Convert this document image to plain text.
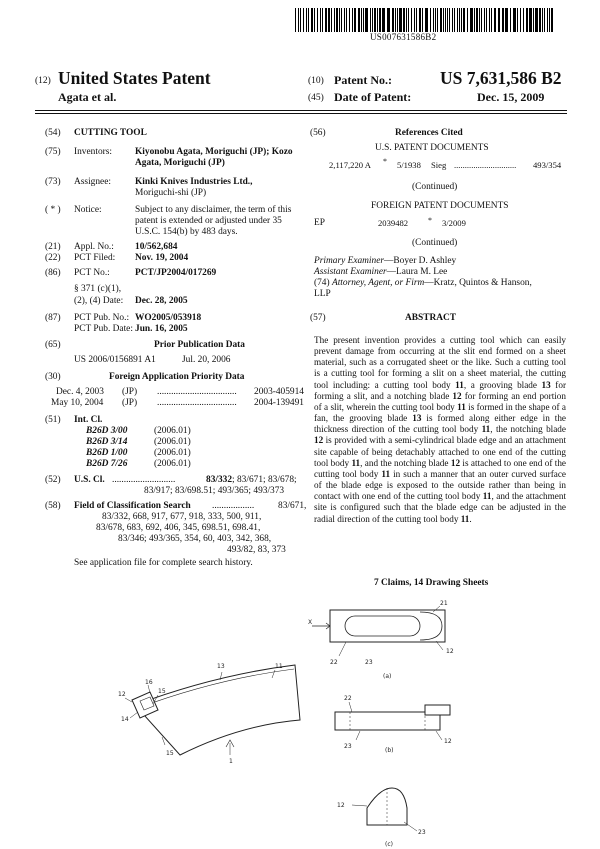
US007631586B2
(12) United States Patent
Agata et al.
(10) Patent No.:	US 7,631,586 B2
(45) Date of Patent:	Dec. 15, 2009
(54) CUTTING TOOL
(75) Inventors: Kiyonobu Agata, Moriguchi (JP); Kozo
Agata, Moriguchi (JP)
(73) Assignee:	Kinki Knives Industries Ltd.,
Moriguchi-shi (JP)
( * ) Notice:	Subject to any disclaimer, the term of this
patent is extended or adjusted under 35
U.S.C. 154(b) by 483 days.
(21) Appl. No.: 10/562,684
(22) PCT Filed: Nov. 19, 2004
(86) PCT No.:	PCT/JP2004/017269
§ 371 (c)(1),
(2), (4) Date: Dec. 28, 2005
(87) PCT Pub. No.: WO2005/053918
PCT Pub. Date: Jun. 16, 2005
(65)	Prior Publication Data
US 2006/0156891 A1	Jul. 20, 2006
(30)	Foreign Application Priority Data
Dec. 4, 2003 (JP) ..................................	2003-405914
May 10, 2004 (JP) ..................................	2004-139491
(51) Int. Cl.
B26D 3/00	(2006.01)
B26D 3/14	(2006.01)
B26D 1/00	(2006.01)
B26D 7/26	(2006.01)
(52) U.S. Cl. ...........................	83/332; 83/671; 83/678;
83/917; 83/698.51; 493/365; 493/373
(58) Field of Classification Search ..................	83/671,
83/332, 668, 917, 677, 918, 333, 500, 911,
83/678, 683, 692, 406, 345, 698.51, 698.41,
83/346; 493/365, 354, 60, 403, 342, 368,
493/82, 83, 373
See application file for complete search history.
(56)	References Cited
U.S. PATENT DOCUMENTS
2,117,220 A * 5/1938 Sieg .............................	493/354
(Continued)
FOREIGN PATENT DOCUMENTS
EP	2039482 * 3/2009
(Continued)
Primary Examiner—Boyer D. Ashley
Assistant Examiner—Laura M. Lee
(74) Attorney, Agent, or Firm—Kratz, Quintos & Hanson,
LLP
(57)	ABSTRACT
The present invention provides a cutting tool which can easily prevent damage from occurring at the slit end formed on a sheet material, such as a corrugated sheet or the like. Such a cutting tool is a cutting tool for forming a slit on a sheet material, the cutting tool including: a cutting tool body 11, a grooving blade 13 for forming a slit, and a notching blade 12 for forming an end portion of a slit, wherein the cutting tool body 11 is formed in the shape of a fan, the grooving blade 13 is formed along either edge in the thickness direction of the cutting tool body 11, the notching blade 12 is provided with a semi-cylindrical blade edge and an attachment site capable of being detachably attached to one end of the cutting tool body 11, and the notching blade 12 is attached to one end of the cutting tool body 11 in such a manner that an outer curved surface of the blade edge is exposed to the outside rather than being in contact with one end of the cutting tool body 11, and the attachment site is configured such that the blade edge can be adjusted in the radial direction of the cutting tool body 11.
7 Claims, 14 Drawing Sheets
13	11
12
16
15
14
15
1
21
X
22	23
12
(a)
22
23
12
(b)
12
23
(c)
